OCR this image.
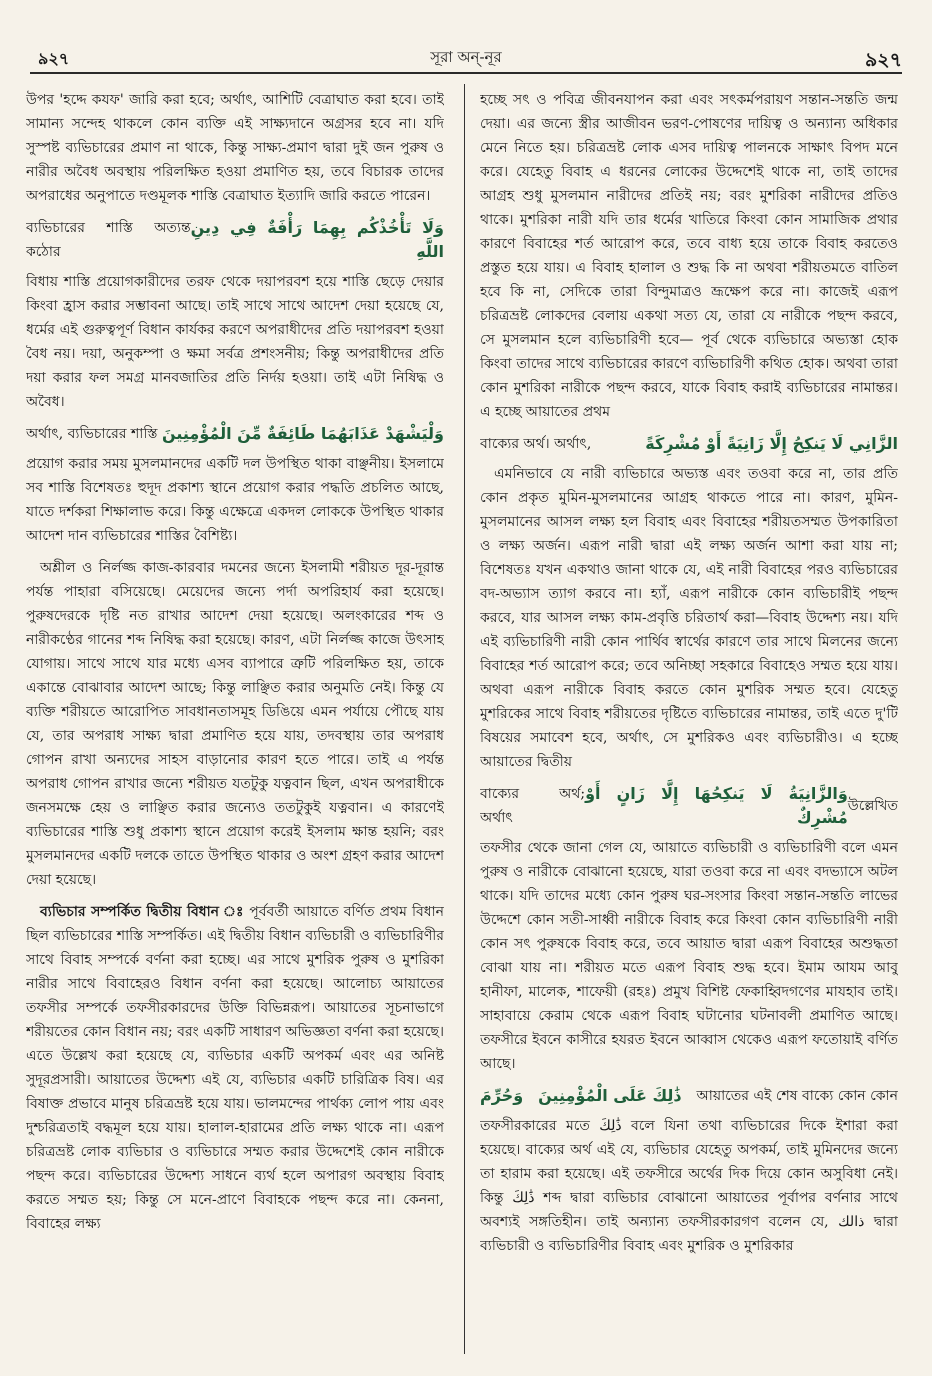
৯২৭	সূরা অন্-নূর	৯২৭

উপর 'হদ্দে কযফ' জারি করা হবে; অর্থাৎ, আশিটি বেত্রাঘাত করা হবে। তাই সামান্য সন্দেহ থাকলে কোন ব্যক্তি এই সাক্ষ্যদানে অগ্রসর হবে না। যদি সুস্পষ্ট ব্যভিচারের প্রমাণ না থাকে, কিন্তু সাক্ষ্য-প্রমাণ দ্বারা দুই জন পুরুষ ও নারীর অবৈধ অবস্থায় পরিলক্ষিত হওয়া প্রমাণিত হয়, তবে বিচারক তাদের অপরাধের অনুপাতে দণ্ডমূলক শাস্তি বেত্রাঘাত ইত্যাদি জারি করতে পারেন।

ব্যভিচারের শাস্তি অত্যন্ত কঠোর
وَلَا تَأْخُذْكُم بِهِمَا رَأْفَةٌ فِي دِينِ اللَّهِ

বিধায় শাস্তি প্রয়োগকারীদের তরফ থেকে দয়াপরবশ হয়ে শাস্তি ছেড়ে দেয়ার কিংবা হ্রাস করার সম্ভাবনা আছে। তাই সাথে সাথে আদেশ দেয়া হয়েছে যে, ধর্মের এই গুরুত্বপূর্ণ বিধান কার্যকর করণে অপরাধীদের প্রতি দয়াপরবশ হওয়া বৈধ নয়। দয়া, অনুকম্পা ও ক্ষমা সর্বত্র প্রশংসনীয়; কিন্তু অপরাধীদের প্রতি দয়া করার ফল সমগ্র মানবজাতির প্রতি নির্দয় হওয়া। তাই এটা নিষিদ্ধ ও অবৈধ।

অর্থাৎ, ব্যভিচারের শাস্তি وَلْيَشْهَدْ عَذَابَهُمَا طَائِفَةٌ مِّنَ الْمُؤْمِنِينَ

প্রয়োগ করার সময় মুসলমানদের একটি দল উপস্থিত থাকা বাঞ্ছনীয়। ইসলামে সব শাস্তি বিশেষতঃ হুদূদ প্রকাশ্য স্থানে প্রয়োগ করার পদ্ধতি প্রচলিত আছে, যাতে দর্শকরা শিক্ষালাভ করে। কিন্তু এক্ষেত্রে একদল লোককে উপস্থিত থাকার আদেশ দান ব্যভিচারের শাস্তির বৈশিষ্ট্য।

অশ্লীল ও নির্লজ্জ কাজ-কারবার দমনের জন্যে ইসলামী শরীয়ত দূর-দূরান্ত পর্যন্ত পাহারা বসিয়েছে। মেয়েদের জন্যে পর্দা অপরিহার্য করা হয়েছে। পুরুষদেরকে দৃষ্টি নত রাখার আদেশ দেয়া হয়েছে। অলংকারের শব্দ ও নারীকণ্ঠের গানের শব্দ নিষিদ্ধ করা হয়েছে। কারণ, এটা নির্লজ্জ কাজে উৎসাহ যোগায়। সাথে সাথে যার মধ্যে এসব ব্যাপারে ত্রুটি পরিলক্ষিত হয়, তাকে একান্তে বোঝাবার আদেশ আছে; কিন্তু লাঞ্ছিত করার অনুমতি নেই। কিন্তু যে ব্যক্তি শরীয়তে আরোপিত সাবধানতাসমূহ ডিঙিয়ে এমন পর্যায়ে পৌছে যায় যে, তার অপরাধ সাক্ষ্য দ্বারা প্রমাণিত হয়ে যায়, তদবস্থায় তার অপরাধ গোপন রাখা অন্যদের সাহস বাড়ানোর কারণ হতে পারে। তাই এ পর্যন্ত অপরাধ গোপন রাখার জন্যে শরীয়ত যতটুকু যত্নবান ছিল, এখন অপরাধীকে জনসমক্ষে হেয় ও লাঞ্ছিত করার জন্যেও ততটুকুই যত্নবান। এ কারণেই ব্যভিচারের শাস্তি শুধু প্রকাশ্য স্থানে প্রয়োগ করেই ইসলাম ক্ষান্ত হয়নি; বরং মুসলমানদের একটি দলকে তাতে উপস্থিত থাকার ও অংশ গ্রহণ করার আদেশ দেয়া হয়েছে।

ব্যভিচার সম্পর্কিত দ্বিতীয় বিধান ঃ পূর্ববর্তী আয়াতে বর্ণিত প্রথম বিধান ছিল ব্যভিচারের শাস্তি সম্পর্কিত। এই দ্বিতীয় বিধান ব্যভিচারী ও ব্যভিচারিণীর সাথে বিবাহ সম্পর্কে বর্ণনা করা হচ্ছে। এর সাথে মুশরিক পুরুষ ও মুশরিকা নারীর সাথে বিবাহেরও বিধান বর্ণনা করা হয়েছে। আলোচ্য আয়াতের তফসীর সম্পর্কে তফসীরকারদের উক্তি বিভিন্নরূপ। আয়াতের সূচনাভাগে শরীয়তের কোন বিধান নয়; বরং একটি সাধারণ অভিজ্ঞতা বর্ণনা করা হয়েছে। এতে উল্লেখ করা হয়েছে যে, ব্যভিচার একটি অপকর্ম এবং এর অনিষ্ট সুদূরপ্রসারী। আয়াতের উদ্দেশ্য এই যে, ব্যভিচার একটি চারিত্রিক বিষ। এর বিষাক্ত প্রভাবে মানুষ চরিত্রভ্রষ্ট হয়ে যায়। ভালমন্দের পার্থক্য লোপ পায় এবং দুশ্চরিত্রতাই বদ্ধমূল হয়ে যায়। হালাল-হারামের প্রতি লক্ষ্য থাকে না। এরূপ চরিত্রভ্রষ্ট লোক ব্যভিচার ও ব্যভিচারে সম্মত করার উদ্দেশেই কোন নারীকে পছন্দ করে। ব্যভিচারের উদ্দেশ্য সাধনে ব্যর্থ হলে অপারগ অবস্থায় বিবাহ করতে সম্মত হয়; কিন্তু সে মনে-প্রাণে বিবাহকে পছন্দ করে না। কেননা, বিবাহের লক্ষ্য

হচ্ছে সৎ ও পবিত্র জীবনযাপন করা এবং সৎকর্মপরায়ণ সন্তান-সন্ততি জন্ম দেয়া। এর জন্যে স্ত্রীর আজীবন ভরণ-পোষণের দায়িত্ব ও অন্যান্য অধিকার মেনে নিতে হয়। চরিত্রভ্রষ্ট লোক এসব দায়িত্ব পালনকে সাক্ষাৎ বিপদ মনে করে। যেহেতু বিবাহ এ ধরনের লোকের উদ্দেশেই থাকে না, তাই তাদের আগ্রহ শুধু মুসলমান নারীদের প্রতিই নয়; বরং মুশরিকা নারীদের প্রতিও থাকে। মুশরিকা নারী যদি তার ধর্মের খাতিরে কিংবা কোন সামাজিক প্রথার কারণে বিবাহের শর্ত আরোপ করে, তবে বাধ্য হয়ে তাকে বিবাহ করতেও প্রস্তুত হয়ে যায়। এ বিবাহ হালাল ও শুদ্ধ কি না অথবা শরীয়তমতে বাতিল হবে কি না, সেদিকে তারা বিন্দুমাত্রও ভ্রূক্ষেপ করে না। কাজেই এরূপ চরিত্রভ্রষ্ট লোকদের বেলায় একথা সত্য যে, তারা যে নারীকে পছন্দ করবে, সে মুসলমান হলে ব্যভিচারিণী হবে— পূর্ব থেকে ব্যভিচারে অভ্যস্তা হোক কিংবা তাদের সাথে ব্যভিচারের কারণে ব্যভিচারিণী কথিত হোক। অথবা তারা কোন মুশরিকা নারীকে পছন্দ করবে, যাকে বিবাহ করাই ব্যভিচারের নামান্তর। এ হচ্ছে আয়াতের প্রথম

বাক্যের অর্থ। অর্থাৎ,	الزَّانِي لَا يَنكِحُ إِلَّا زَانِيَةً أَوْ مُشْرِكَةً

এমনিভাবে যে নারী ব্যভিচারে অভ্যস্ত এবং তওবা করে না, তার প্রতি কোন প্রকৃত মুমিন-মুসলমানের আগ্রহ থাকতে পারে না। কারণ, মুমিন-মুসলমানের আসল লক্ষ্য হল বিবাহ এবং বিবাহের শরীয়তসম্মত উপকারিতা ও লক্ষ্য অর্জন। এরূপ নারী দ্বারা এই লক্ষ্য অর্জন আশা করা যায় না; বিশেষতঃ যখন একথাও জানা থাকে যে, এই নারী বিবাহের পরও ব্যভিচারের বদ-অভ্যাস ত্যাগ করবে না। হ্যাঁ, এরূপ নারীকে কোন ব্যভিচারীই পছন্দ করবে, যার আসল লক্ষ্য কাম-প্রবৃত্তি চরিতার্থ করা—বিবাহ উদ্দেশ্য নয়। যদি এই ব্যভিচারিণী নারী কোন পার্থিব স্বার্থের কারণে তার সাথে মিলনের জন্যে বিবাহের শর্ত আরোপ করে; তবে অনিচ্ছা সহকারে বিবাহেও সম্মত হয়ে যায়। অথবা এরূপ নারীকে বিবাহ করতে কোন মুশরিক সম্মত হবে। যেহেতু মুশরিকের সাথে বিবাহ শরীয়তের দৃষ্টিতে ব্যভিচারের নামান্তর, তাই এতে দু'টি বিষয়ের সমাবেশ হবে, অর্থাৎ, সে মুশরিকও এবং ব্যভিচারীও। এ হচ্ছে আয়াতের দ্বিতীয়

বাক্যের অর্থ; অর্থাৎ
وَالزَّانِيَةُ لَا يَنكِحُهَا إِلَّا زَانٍ أَوْ مُشْرِكٌ
উল্লেখিত

তফসীর থেকে জানা গেল যে, আয়াতে ব্যভিচারী ও ব্যভিচারিণী বলে এমন পুরুষ ও নারীকে বোঝানো হয়েছে, যারা তওবা করে না এবং বদভ্যাসে অটল থাকে। যদি তাদের মধ্যে কোন পুরুষ ঘর-সংসার কিংবা সন্তান-সন্ততি লাভের উদ্দেশে কোন সতী-সাধ্বী নারীকে বিবাহ করে কিংবা কোন ব্যভিচারিণী নারী কোন সৎ পুরুষকে বিবাহ করে, তবে আয়াত দ্বারা এরূপ বিবাহের অশুদ্ধতা বোঝা যায় না। শরীয়ত মতে এরূপ বিবাহ শুদ্ধ হবে। ইমাম আযম আবু হানীফা, মালেক, শাফেয়ী (রহঃ) প্রমুখ বিশিষ্ট ফেকাহ্বিদগণের মাযহাব তাই। সাহাবায়ে কেরাম থেকে এরূপ বিবাহ ঘটানোর ঘটনাবলী প্রমাণিত আছে। তফসীরে ইবনে কাসীরে হযরত ইবনে আব্বাস থেকেও এরূপ ফতোয়াই বর্ণিত আছে।

وَحُرِّمَ ذَٰلِكَ عَلَى الْمُؤْمِنِينَ আয়াতের এই শেষ বাক্যে কোন কোন

তফসীরকারের মতে ذَٰلِكَ বলে যিনা তথা ব্যভিচারের দিকে ইশারা করা হয়েছে। বাক্যের অর্থ এই যে, ব্যভিচার যেহেতু অপকর্ম, তাই মুমিনদের জন্যে তা হারাম করা হয়েছে। এই তফসীরে অর্থের দিক দিয়ে কোন অসুবিধা নেই। কিন্তু ذَٰلِكَ শব্দ দ্বারা ব্যভিচার বোঝানো আয়াতের পূর্বাপর বর্ণনার সাথে অবশ্যই সঙ্গতিহীন। তাই অন্যান্য তফসীরকারগণ বলেন যে, ذالك দ্বারা ব্যভিচারী ও ব্যভিচারিণীর বিবাহ এবং মুশরিক ও মুশরিকার
